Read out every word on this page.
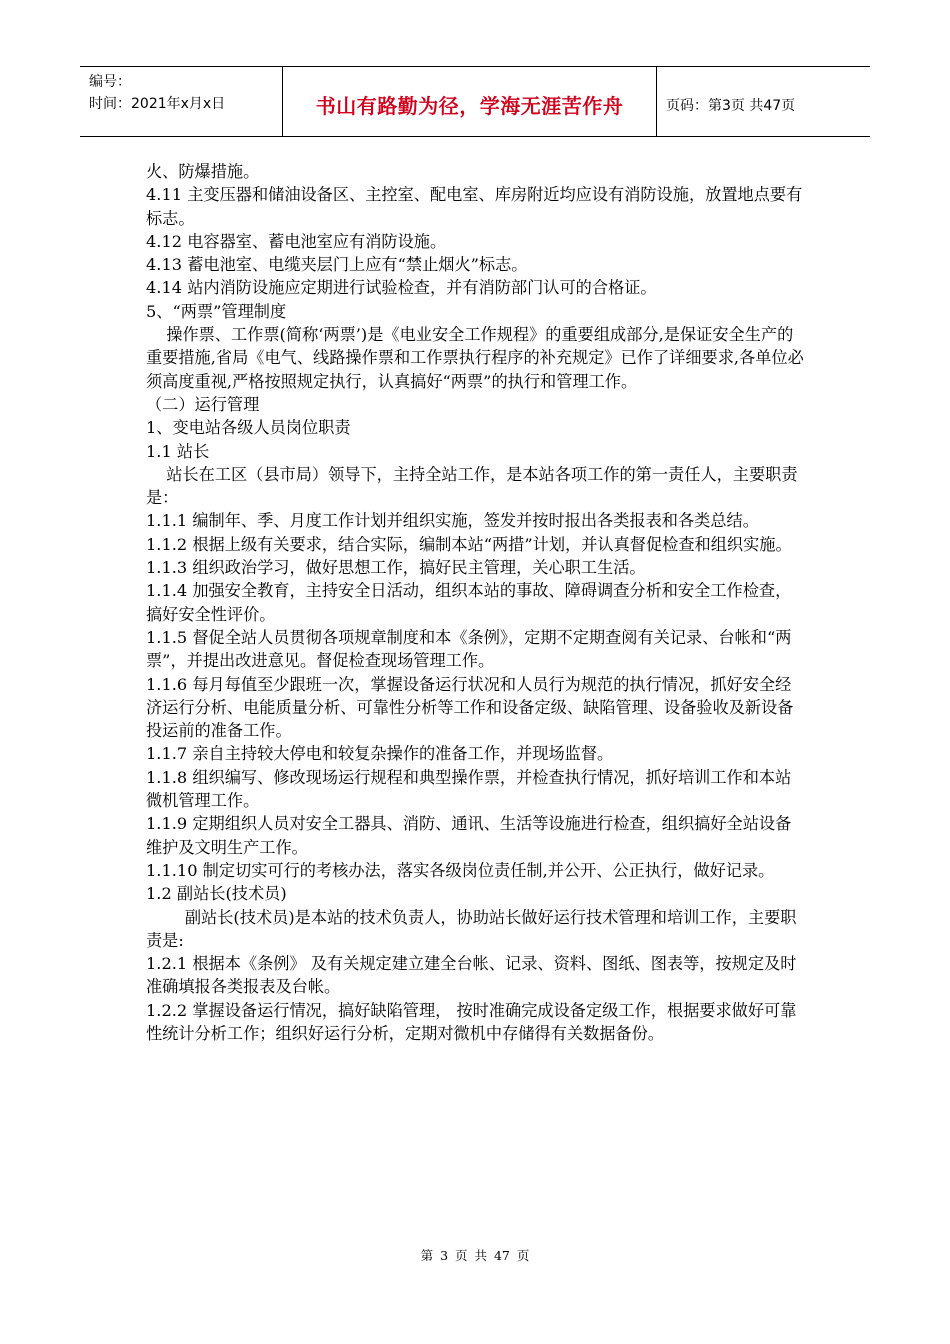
编号：
时间：2021年x月x日	书山有路勤为径，学海无涯苦作舟	页码：第3页 共47页

火、防爆措施。

4.11 主变压器和储油设备区、主控室、配电室、库房附近均应设有消防设施，放置地点要有标志。

4.12 电容器室、蓄电池室应有消防设施。

4.13 蓄电池室、电缆夹层门上应有“禁止烟火”标志。

4.14 站内消防设施应定期进行试验检查，并有消防部门认可的合格证。

5、“两票”管理制度

操作票、工作票(简称‘两票’)是《电业安全工作规程》的重要组成部分,是保证安全生产的重要措施,省局《电气、线路操作票和工作票执行程序的补充规定》已作了详细要求,各单位必须高度重视,严格按照规定执行，认真搞好“两票”的执行和管理工作。

（二）运行管理

1、变电站各级人员岗位职责

1.1 站长

站长在工区（县市局）领导下，主持全站工作，是本站各项工作的第一责任人，主要职责是：

1.1.1 编制年、季、月度工作计划并组织实施，签发并按时报出各类报表和各类总结。

1.1.2 根据上级有关要求，结合实际，编制本站“两措”计划，并认真督促检查和组织实施。

1.1.3 组织政治学习，做好思想工作，搞好民主管理，关心职工生活。

1.1.4 加强安全教育，主持安全日活动，组织本站的事故、障碍调查分析和安全工作检查，搞好安全性评价。

1.1.5 督促全站人员贯彻各项规章制度和本《条例》，定期不定期查阅有关记录、台帐和“两票”，并提出改进意见。督促检查现场管理工作。

1.1.6 每月每值至少跟班一次，掌握设备运行状况和人员行为规范的执行情况，抓好安全经济运行分析、电能质量分析、可靠性分析等工作和设备定级、缺陷管理、设备验收及新设备投运前的准备工作。

1.1.7 亲自主持较大停电和较复杂操作的准备工作，并现场监督。

1.1.8 组织编写、修改现场运行规程和典型操作票，并检查执行情况，抓好培训工作和本站微机管理工作。

1.1.9 定期组织人员对安全工器具、消防、通讯、生活等设施进行检查，组织搞好全站设备维护及文明生产工作。

1.1.10 制定切实可行的考核办法，落实各级岗位责任制,并公开、公正执行，做好记录。

1.2 副站长(技术员)

副站长(技术员)是本站的技术负责人，协助站长做好运行技术管理和培训工作，主要职责是:

1.2.1 根据本《条例》 及有关规定建立建全台帐、记录、资料、图纸、图表等，按规定及时准确填报各类报表及台帐。

1.2.2 掌握设备运行情况，搞好缺陷管理， 按时准确完成设备定级工作，根据要求做好可靠性统计分析工作；组织好运行分析，定期对微机中存储得有关数据备份。

第 3 页 共 47 页
